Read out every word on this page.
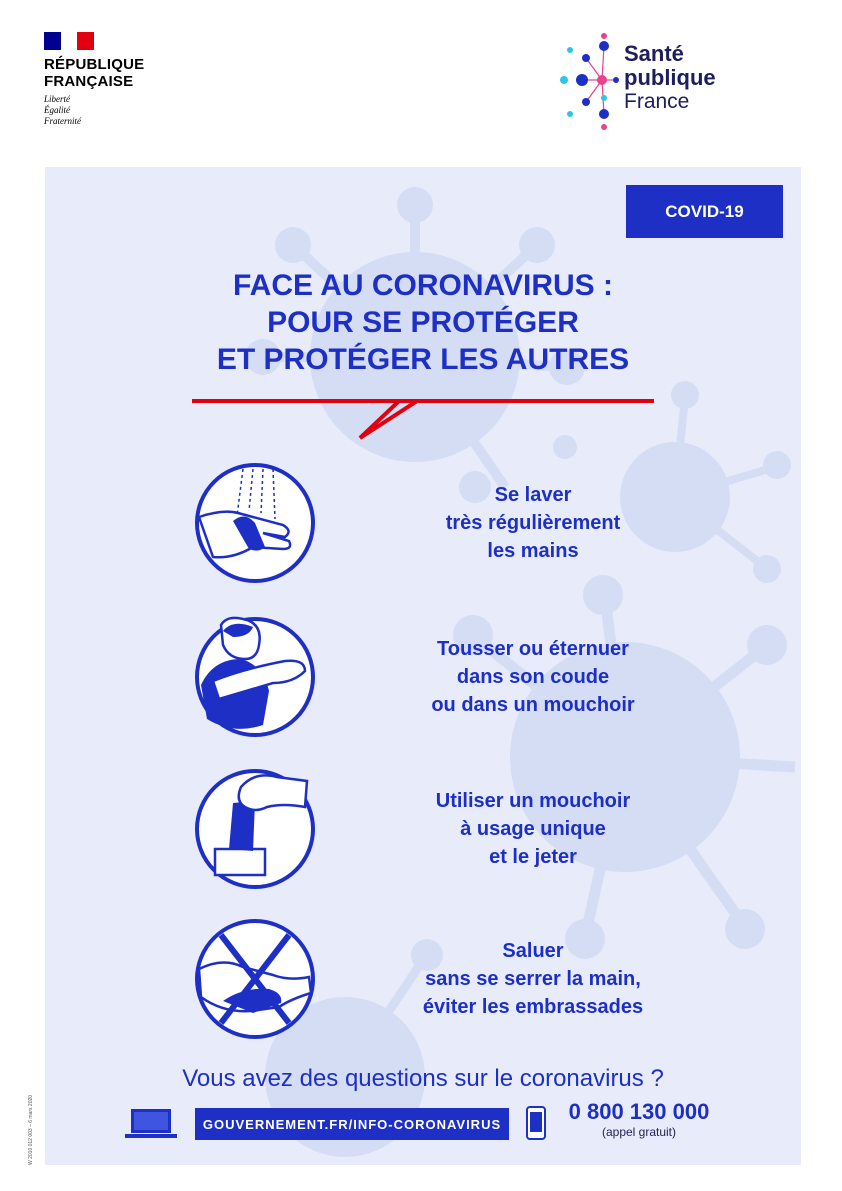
RÉPUBLIQUE
FRANÇAISE
Liberté
Égalité
Fraternité
Santé
publique
France
COVID-19
FACE AU CORONAVIRUS :
POUR SE PROTÉGER
ET PROTÉGER LES AUTRES
Se laver
très régulièrement
les mains
Tousser ou éternuer
dans son coude
ou dans un mouchoir
Utiliser un mouchoir
à usage unique
et le jeter
Saluer
sans se serrer la main,
éviter les embrassades
Vous avez des questions sur le coronavirus ?
GOUVERNEMENT.FR/INFO-CORONAVIRUS	0 800 130 000
(appel gratuit)
W 2010 012 003 – 6 mars 2020
